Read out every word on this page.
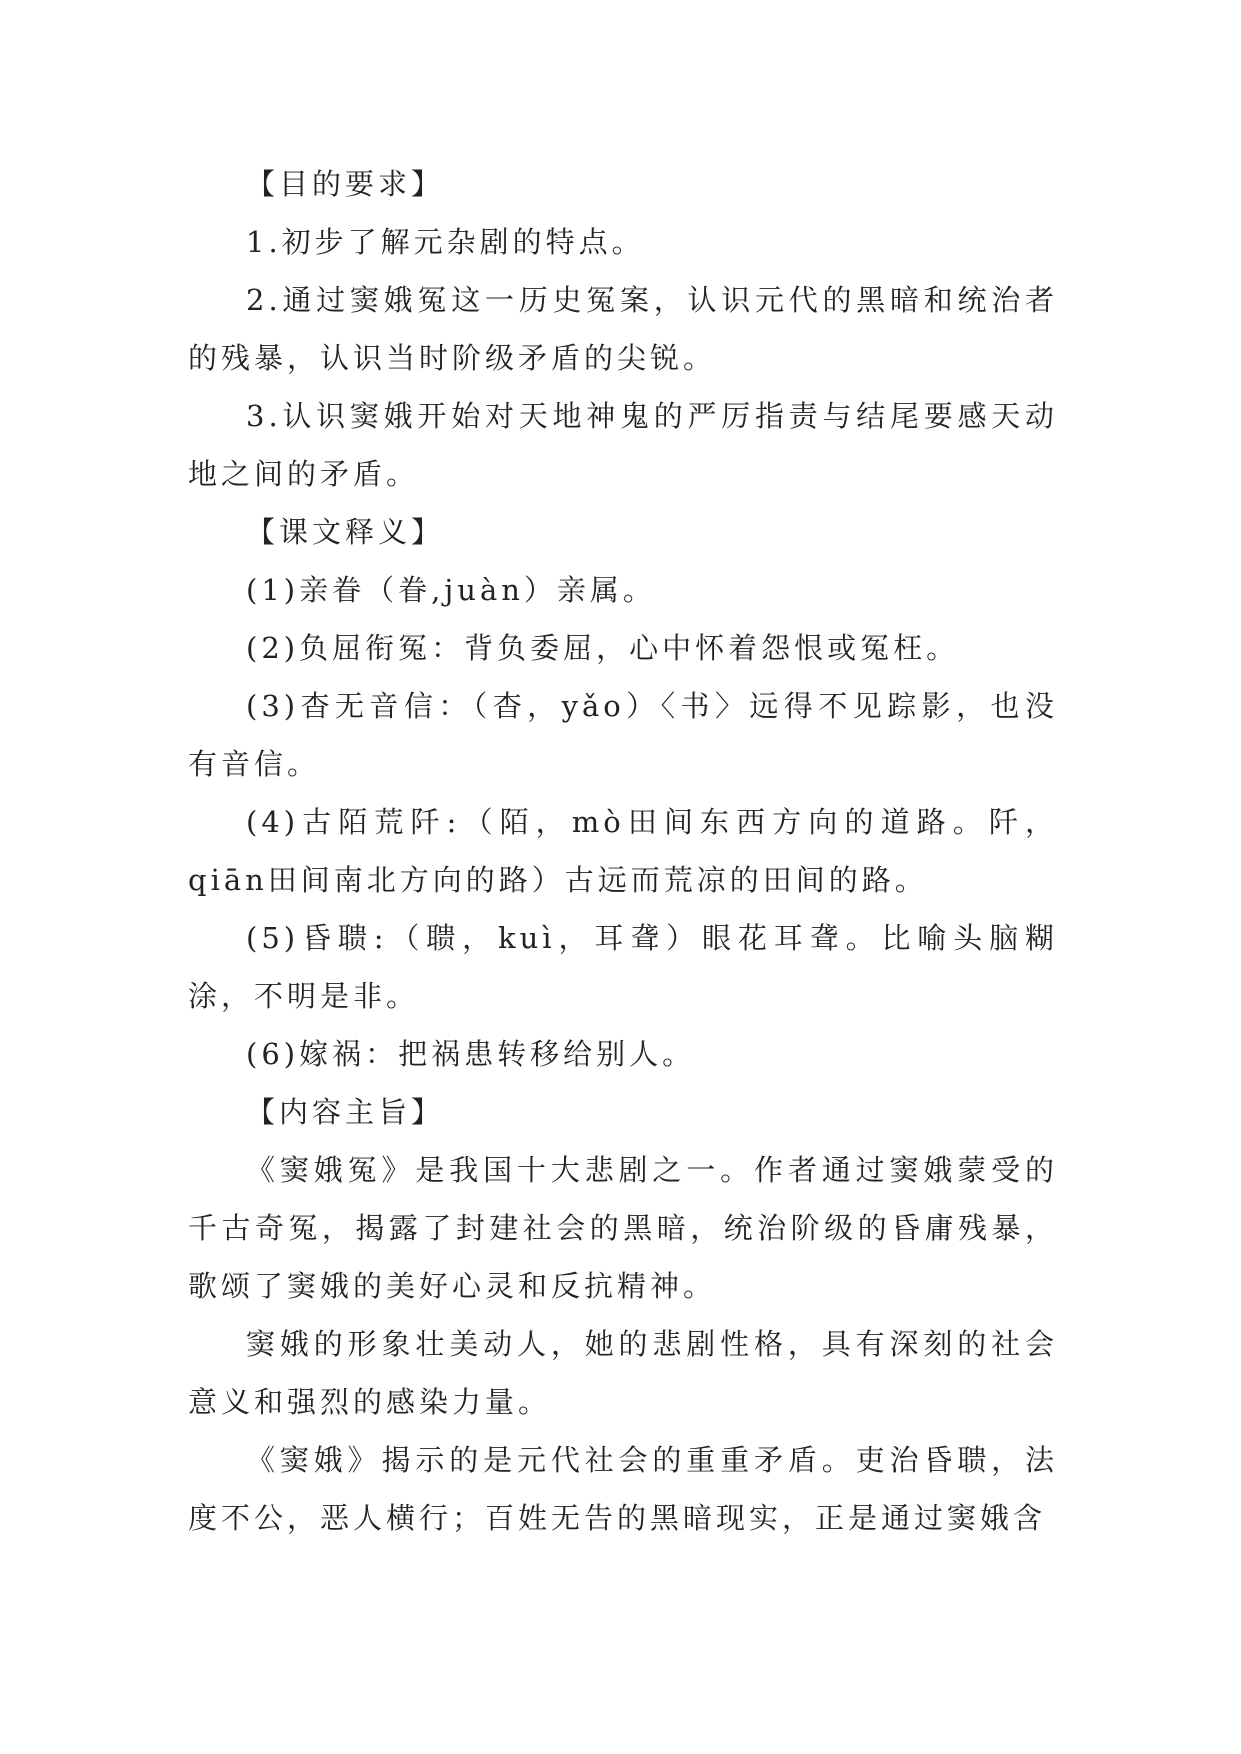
【目的要求】

1.初步了解元杂剧的特点。

2.通过窦娥冤这一历史冤案，认识元代的黑暗和统治者的残暴，认识当时阶级矛盾的尖锐。

3.认识窦娥开始对天地神鬼的严厉指责与结尾要感天动地之间的矛盾。

【课文释义】

(1)亲眷（眷,juàn）亲属。

(2)负屈衔冤：背负委屈，心中怀着怨恨或冤枉。

(3)杳无音信：（杳，yǎo）〈书〉远得不见踪影，也没有音信。

(4)古陌荒阡:（陌，mò田间东西方向的道路。阡，qiān田间南北方向的路）古远而荒凉的田间的路。

(5)昏聩:（聩，kuì，耳聋）眼花耳聋。比喻头脑糊涂，不明是非。

(6)嫁祸：把祸患转移给别人。

【内容主旨】

《窦娥冤》是我国十大悲剧之一。作者通过窦娥蒙受的千古奇冤，揭露了封建社会的黑暗，统治阶级的昏庸残暴，歌颂了窦娥的美好心灵和反抗精神。

窦娥的形象壮美动人，她的悲剧性格，具有深刻的社会意义和强烈的感染力量。

《窦娥》揭示的是元代社会的重重矛盾。吏治昏聩，法度不公，恶人横行；百姓无告的黑暗现实，正是通过窦娥含
